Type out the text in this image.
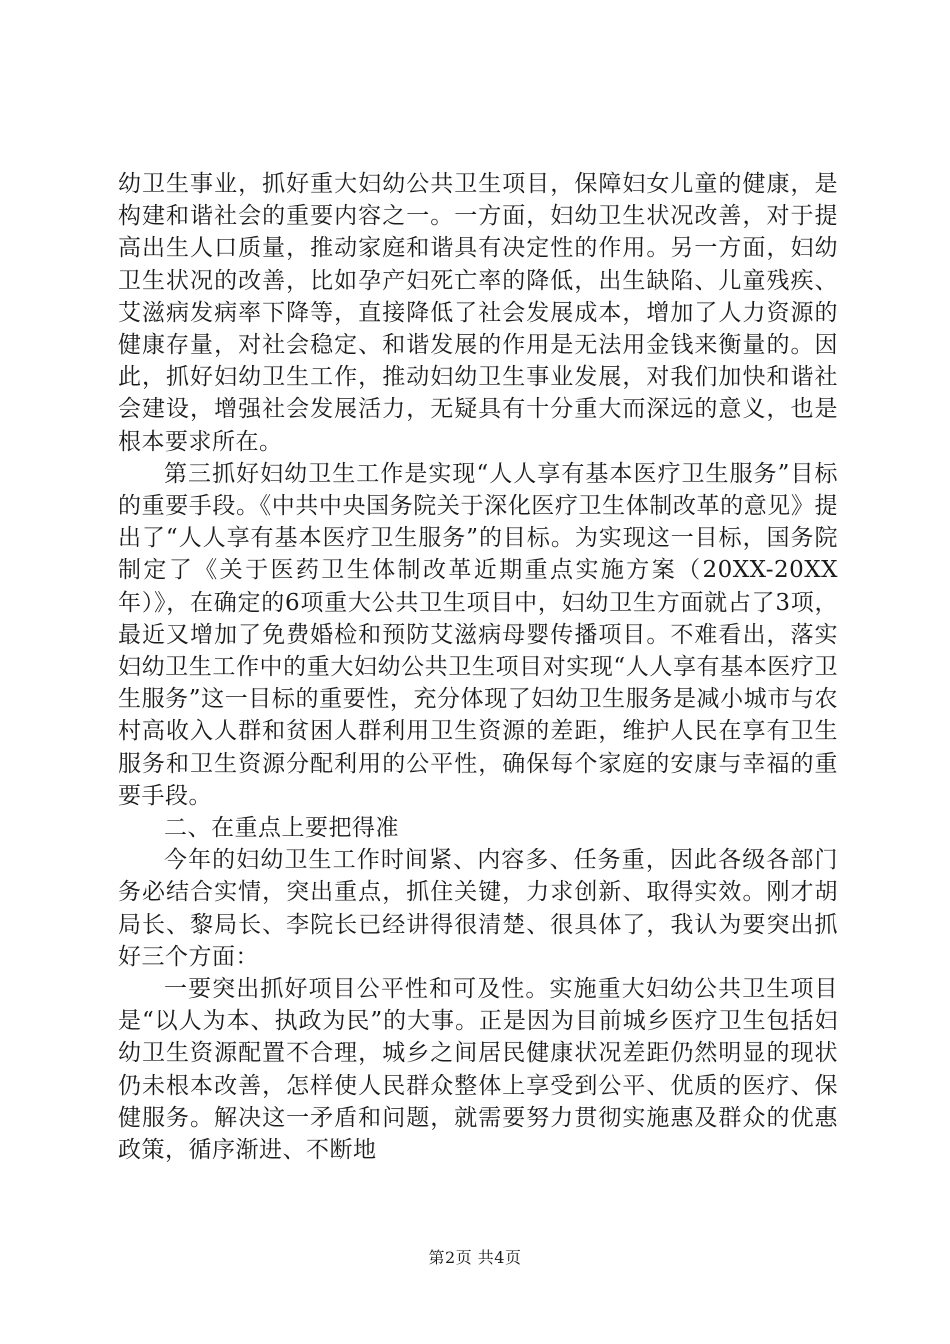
幼卫生事业，抓好重大妇幼公共卫生项目，保障妇女儿童的健康，是构建和谐社会的重要内容之一。一方面，妇幼卫生状况改善，对于提高出生人口质量，推动家庭和谐具有决定性的作用。另一方面，妇幼卫生状况的改善，比如孕产妇死亡率的降低，出生缺陷、儿童残疾、艾滋病发病率下降等，直接降低了社会发展成本，增加了人力资源的健康存量，对社会稳定、和谐发展的作用是无法用金钱来衡量的。因此，抓好妇幼卫生工作，推动妇幼卫生事业发展，对我们加快和谐社会建设，增强社会发展活力，无疑具有十分重大而深远的意义，也是根本要求所在。

第三抓好妇幼卫生工作是实现“人人享有基本医疗卫生服务”目标的重要手段。《中共中央国务院关于深化医疗卫生体制改革的意见》提出了“人人享有基本医疗卫生服务”的目标。为实现这一目标，国务院制定了《关于医药卫生体制改革近期重点实施方案（20XX-20XX年）》，在确定的6项重大公共卫生项目中，妇幼卫生方面就占了3项，最近又增加了免费婚检和预防艾滋病母婴传播项目。不难看出，落实妇幼卫生工作中的重大妇幼公共卫生项目对实现“人人享有基本医疗卫生服务”这一目标的重要性，充分体现了妇幼卫生服务是减小城市与农村高收入人群和贫困人群利用卫生资源的差距，维护人民在享有卫生服务和卫生资源分配利用的公平性，确保每个家庭的安康与幸福的重要手段。

二、在重点上要把得准

今年的妇幼卫生工作时间紧、内容多、任务重，因此各级各部门务必结合实情，突出重点，抓住关键，力求创新、取得实效。刚才胡局长、黎局长、李院长已经讲得很清楚、很具体了，我认为要突出抓好三个方面：

一要突出抓好项目公平性和可及性。实施重大妇幼公共卫生项目是“以人为本、执政为民”的大事。正是因为目前城乡医疗卫生包括妇幼卫生资源配置不合理，城乡之间居民健康状况差距仍然明显的现状仍未根本改善，怎样使人民群众整体上享受到公平、优质的医疗、保健服务。解决这一矛盾和问题，就需要努力贯彻实施惠及群众的优惠政策，循序渐进、不断地

第2页 共4页
